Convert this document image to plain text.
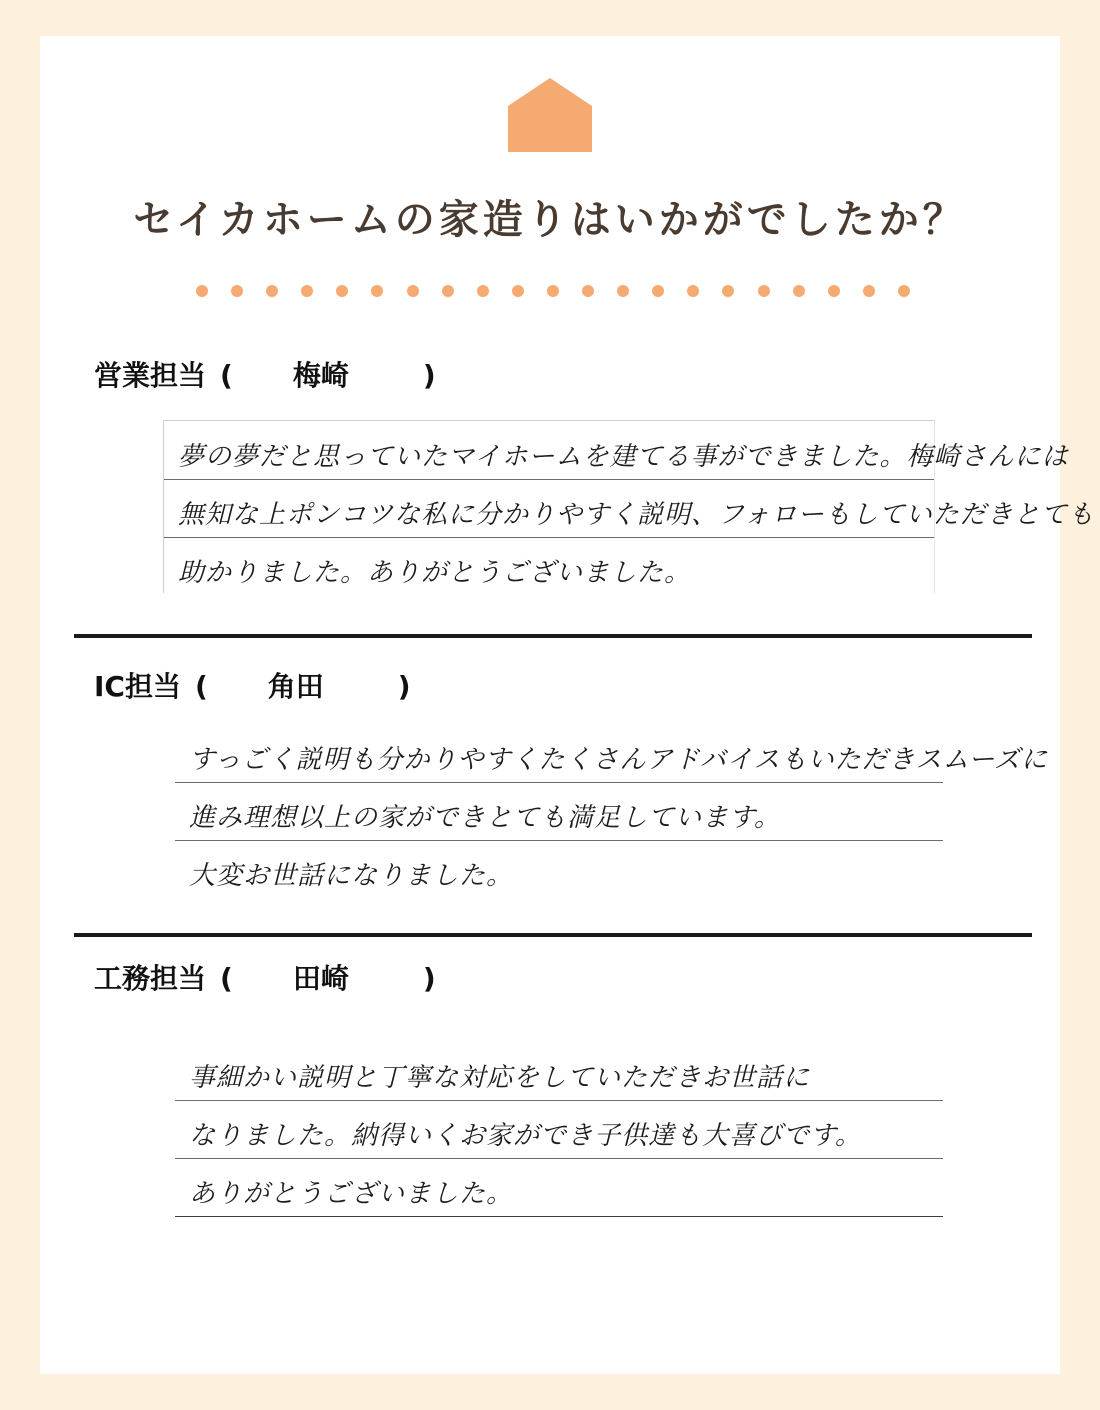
セイカホームの家造りはいかがでしたか？
営業担当 ( 梅崎	)
夢の夢だと思っていたマイホームを建てる事ができました。梅崎さんには
無知な上ポンコツな私に分かりやすく説明、フォローもしていただきとても
助かりました。ありがとうございました。
IC担当 ( 角田	)
すっごく説明も分かりやすくたくさんアドバイスもいただきスムーズに
進み理想以上の家ができとても満足しています。
大変お世話になりました。
工務担当 ( 田崎	)
事細かい説明と丁寧な対応をしていただきお世話に
なりました。納得いくお家ができ子供達も大喜びです。
ありがとうございました。
